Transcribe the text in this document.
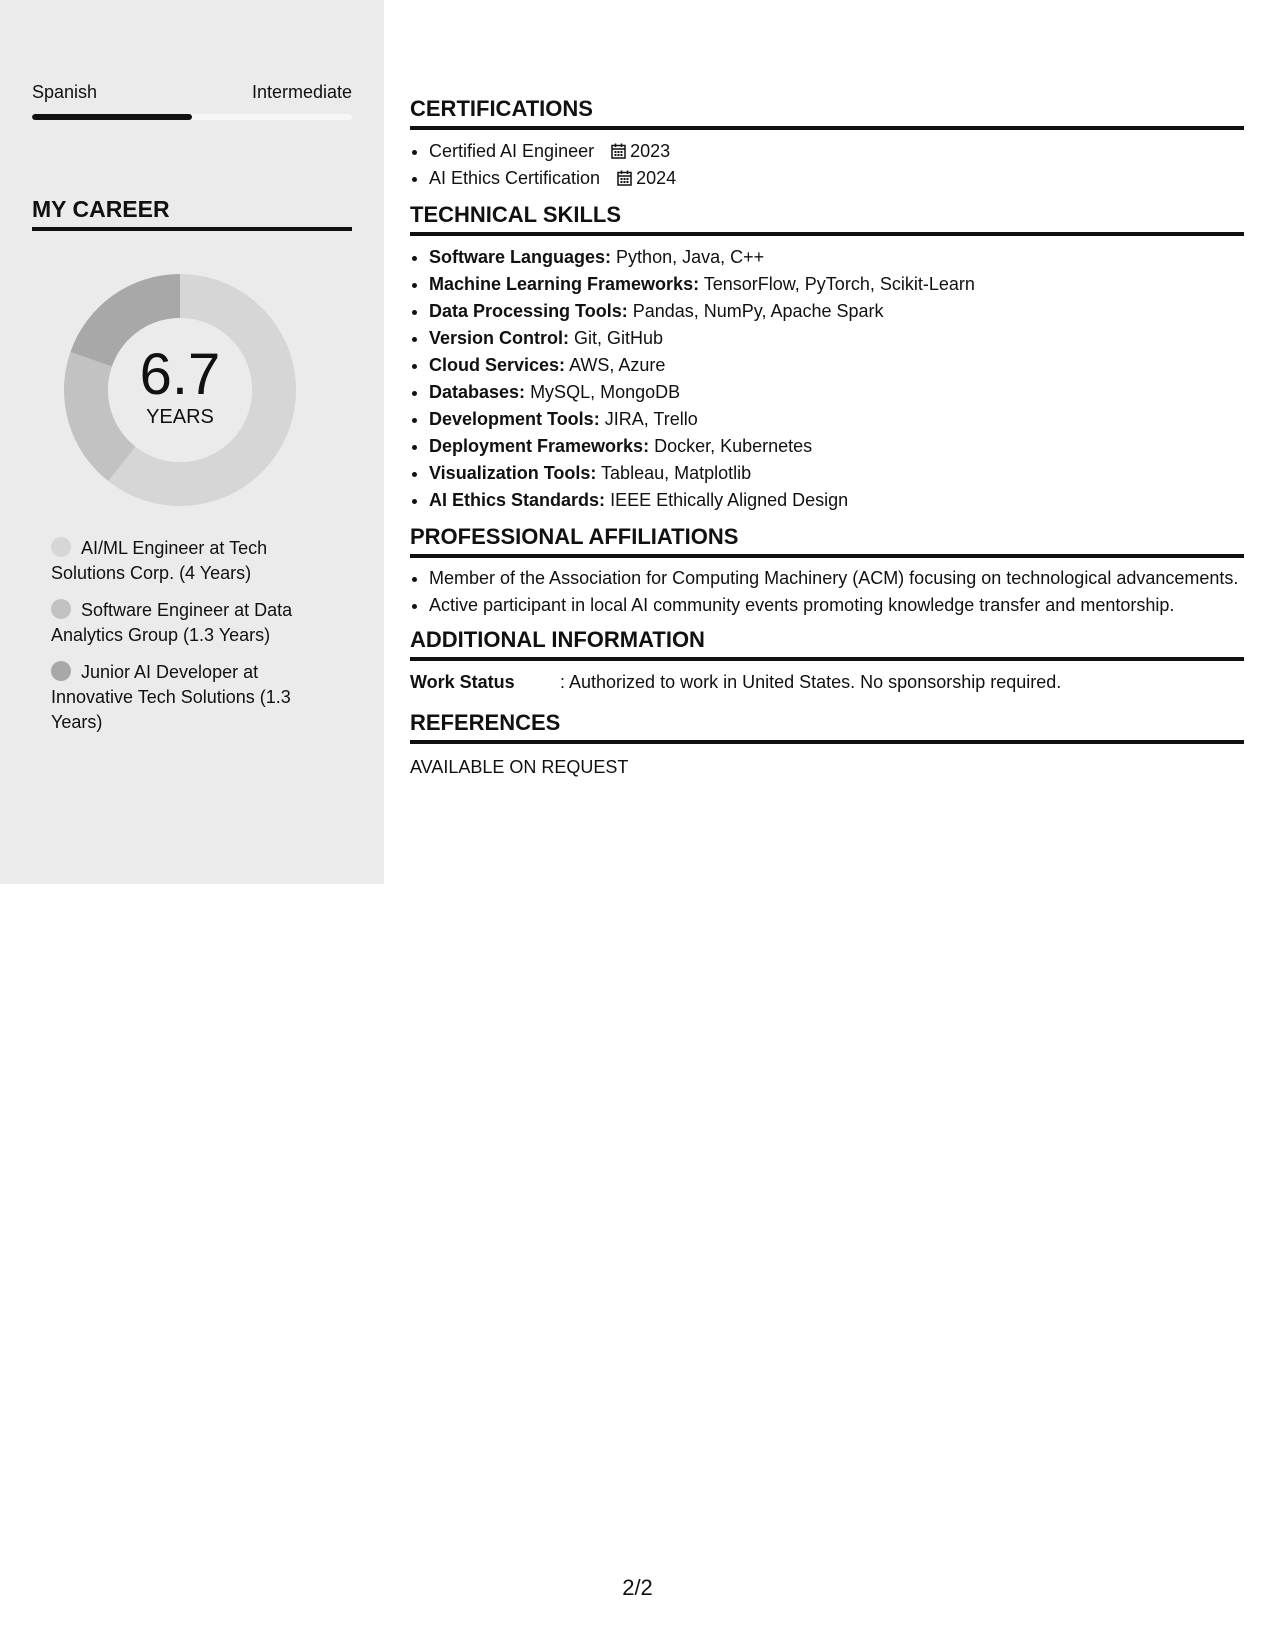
Spanish	Intermediate
MY CAREER
6.7
YEARS
AI/ML Engineer at Tech Solutions Corp. (4 Years)
Software Engineer at Data Analytics Group (1.3 Years)
Junior AI Developer at Innovative Tech Solutions (1.3 Years)
CERTIFICATIONS
• Certified AI Engineer 2023
• AI Ethics Certification 2024
TECHNICAL SKILLS
• Software Languages: Python, Java, C++
• Machine Learning Frameworks: TensorFlow, PyTorch, Scikit-Learn
• Data Processing Tools: Pandas, NumPy, Apache Spark
• Version Control: Git, GitHub
• Cloud Services: AWS, Azure
• Databases: MySQL, MongoDB
• Development Tools: JIRA, Trello
• Deployment Frameworks: Docker, Kubernetes
• Visualization Tools: Tableau, Matplotlib
• AI Ethics Standards: IEEE Ethically Aligned Design
PROFESSIONAL AFFILIATIONS
• Member of the Association for Computing Machinery (ACM) focusing on technological advancements.
• Active participant in local AI community events promoting knowledge transfer and mentorship.
ADDITIONAL INFORMATION
Work Status	: Authorized to work in United States. No sponsorship required.
REFERENCES
AVAILABLE ON REQUEST
2/2
